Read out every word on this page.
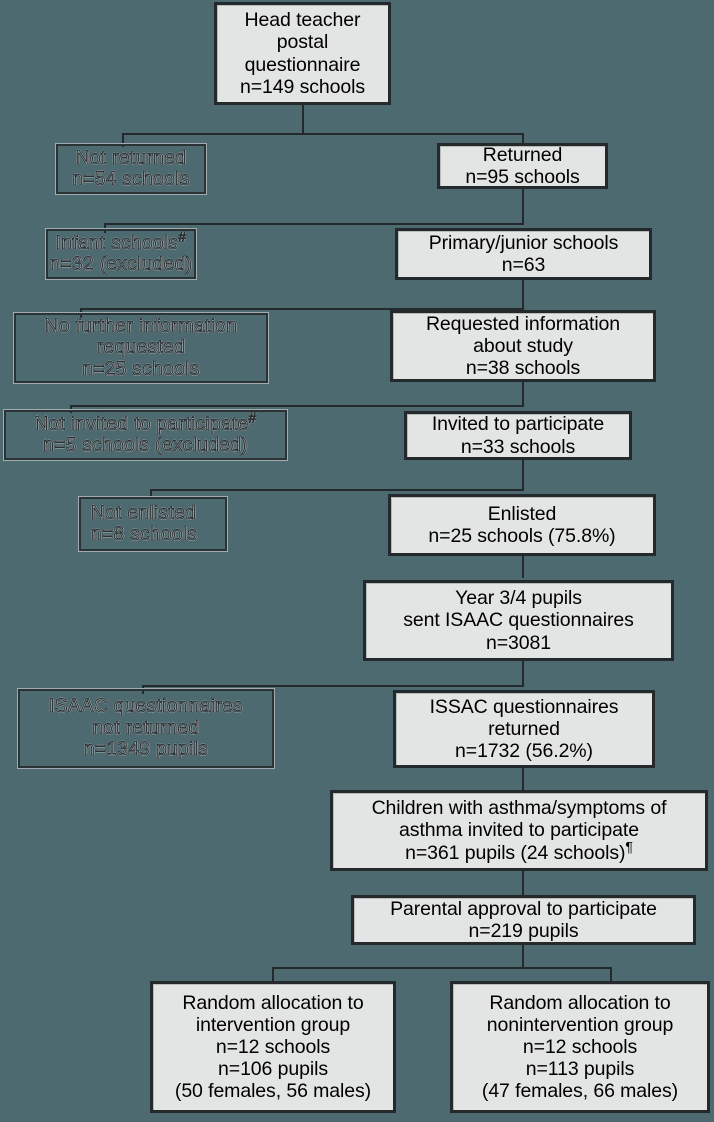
Head teacher
postal
questionnaire
n=149 schools
Not returned
n=54 schools
Returned
n=95 schools
Infant schools#
n=32 (excluded)
Primary/junior schools
n=63
No further information
requested
n=25 schools
Requested information
about study
n=38 schools
Not invited to participate#
n=5 schools (excluded)
Invited to participate
n=33 schools
Not enlisted
n=8 schools
Enlisted
n=25 schools (75.8%)
Year 3/4 pupils
sent ISAAC questionnaires
n=3081
ISAAC questionnaires
not returned
n=1349 pupils
ISSAC questionnaires
returned
n=1732 (56.2%)
Children with asthma/symptoms of
asthma invited to participate
n=361 pupils (24 schools)¶
Parental approval to participate
n=219 pupils
Random allocation to
intervention group
n=12 schools
n=106 pupils
(50 females, 56 males)
Random allocation to
nonintervention group
n=12 schools
n=113 pupils
(47 females, 66 males)
